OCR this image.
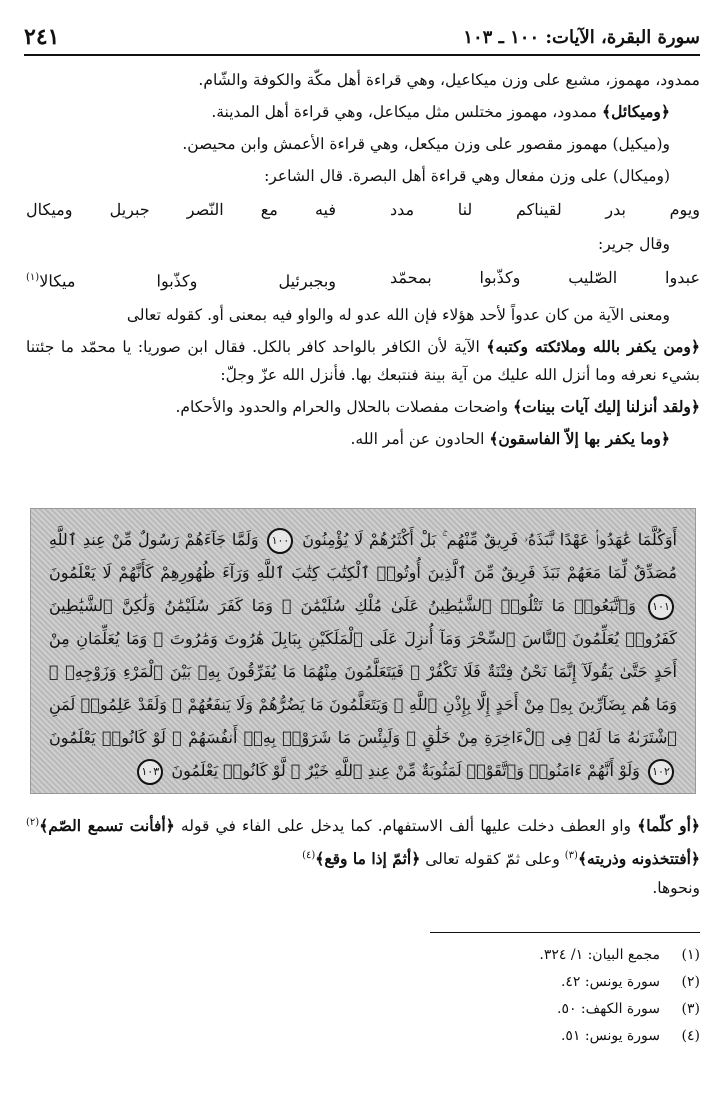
٢٤١	سورة البقرة، الآيات: ١٠٠ ـ ١٠٣

ممدود، مهموز، مشبع على وزن ميكاعيل، وهي قراءة أهل مكّة والكوفة والشّام.

﴿وميكائل﴾ ممدود، مهموز مختلس مثل ميكاعل، وهي قراءة أهل المدينة.

و(ميكيل) مهموز مقصور على وزن ميكعل، وهي قراءة الأعمش وابن محيصن.

(وميكال) على وزن مفعال وهي قراءة أهل البصرة. قال الشاعر:

ويوم بدر لقيناكم لنا مدد
فيه مع النّصر جبريل وميكال

وقال جرير:

عبدوا الصّليب وكذّبوا بمحمّد
وبجبرئيل وكذّبوا ميكالا$^{(١)}$

ومعنى الآية من كان عدواً لأحد هؤلاء فإن الله عدو له والواو فيه بمعنى أو. كقوله تعالى

﴿ومن يكفر بالله وملائكته وكتبه﴾ الآية لأن الكافر بالواحد كافر بالكل. فقال ابن صوريا: يا محمّد ما جئتنا بشيء نعرفه وما أنزل الله عليك من آية بينة فنتبعك بها. فأنزل الله عزّ وجلّ:

﴿ولقد أنزلنا إليك آيات بينات﴾ واضحات مفصلات بالحلال والحرام والحدود والأحكام.

﴿وما يكفر بها إلاّ الفاسقون﴾ الحادون عن أمر الله.

أَوَكُلَّمَا عَٰهَدُوا۟ عَهْدًا نَّبَذَهُۥ فَرِيقٌ مِّنْهُم ۚ بَلْ أَكْثَرُهُمْ لَا يُؤْمِنُونَ ١٠٠ وَلَمَّا جَآءَهُمْ رَسُولٌ مِّنْ عِندِ ٱللَّهِ مُصَدِّقٌ لِّمَا مَعَهُمْ نَبَذَ فَرِيقٌ مِّنَ ٱلَّذِينَ أُوتُوا۟ ٱلْكِتَٰبَ كِتَٰبَ ٱللَّهِ وَرَآءَ ظُهُورِهِمْ كَأَنَّهُمْ لَا يَعْلَمُونَ ١٠١ وَٱتَّبَعُوا۟ مَا تَتْلُوا۟ ٱلشَّيَٰطِينُ عَلَىٰ مُلْكِ سُلَيْمَٰنَ ۖ وَمَا كَفَرَ سُلَيْمَٰنُ وَلَٰكِنَّ ٱلشَّيَٰطِينَ كَفَرُوا۟ يُعَلِّمُونَ ٱلنَّاسَ ٱلسِّحْرَ وَمَآ أُنزِلَ عَلَى ٱلْمَلَكَيْنِ بِبَابِلَ هَٰرُوتَ وَمَٰرُوتَ ۚ وَمَا يُعَلِّمَانِ مِنْ أَحَدٍ حَتَّىٰ يَقُولَآ إِنَّمَا نَحْنُ فِتْنَةٌ فَلَا تَكْفُرْ ۖ فَيَتَعَلَّمُونَ مِنْهُمَا مَا يُفَرِّقُونَ بِهِۦ بَيْنَ ٱلْمَرْءِ وَزَوْجِهِۦ ۚ وَمَا هُم بِضَآرِّينَ بِهِۦ مِنْ أَحَدٍ إِلَّا بِإِذْنِ ٱللَّهِ ۚ وَيَتَعَلَّمُونَ مَا يَضُرُّهُمْ وَلَا يَنفَعُهُمْ ۚ وَلَقَدْ عَلِمُوا۟ لَمَنِ ٱشْتَرَىٰهُ مَا لَهُۥ فِى ٱلْءَاخِرَةِ مِنْ خَلَٰقٍ ۚ وَلَبِئْسَ مَا شَرَوْا۟ بِهِۦٓ أَنفُسَهُمْ ۚ لَوْ كَانُوا۟ يَعْلَمُونَ ١٠٢ وَلَوْ أَنَّهُمْ ءَامَنُوا۟ وَٱتَّقَوْا۟ لَمَثُوبَةٌ مِّنْ عِندِ ٱللَّهِ خَيْرٌ ۖ لَّوْ كَانُوا۟ يَعْلَمُونَ ١٠٣

﴿أو كلّما﴾ واو العطف دخلت عليها ألف الاستفهام. كما يدخل على الفاء في قوله ﴿أفأنت تسمع الصّم﴾$^{(٢)}$ ﴿أفتتخذونه وذريته﴾$^{(٣)}$ وعلى ثمّ كقوله تعالى ﴿أثمّ إذا ما وقع﴾$^{(٤)}$

ونحوها.

(١)
مجمع البيان: ١/ ٣٢٤.
(٢)
سورة يونس: ٤٢.
(٣)
سورة الكهف: ٥٠.
(٤)
سورة يونس: ٥١.
